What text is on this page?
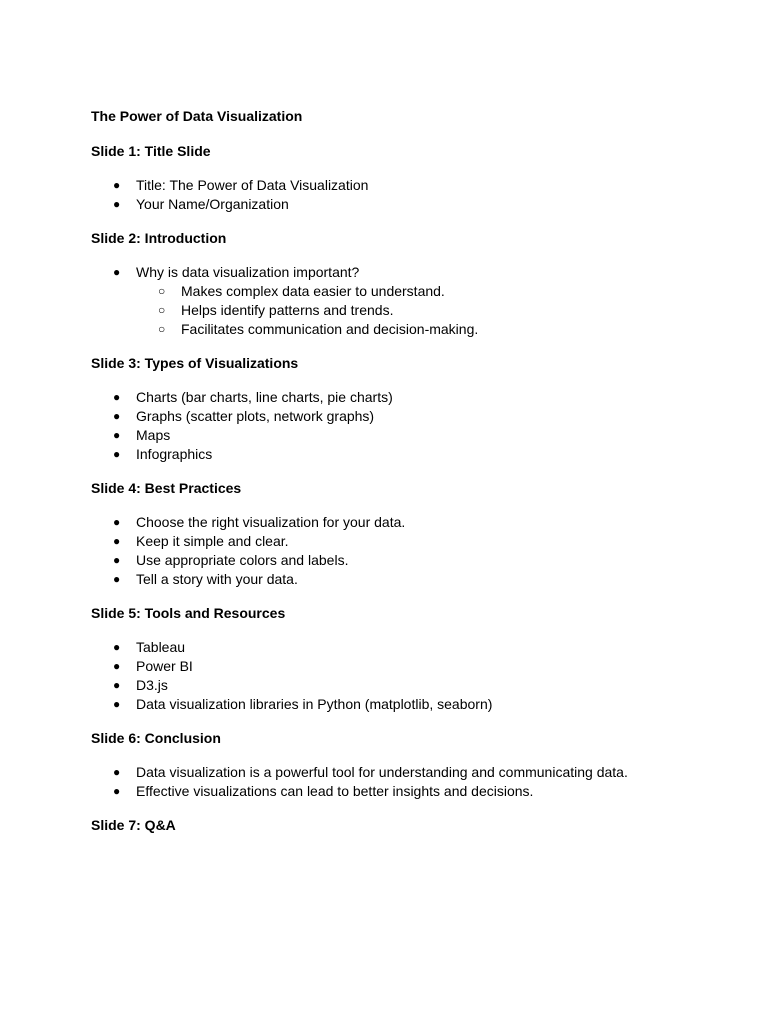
The Power of Data Visualization

Slide 1: Title Slide

● Title: The Power of Data Visualization
● Your Name/Organization

Slide 2: Introduction

● Why is data visualization important?
○ Makes complex data easier to understand.
○ Helps identify patterns and trends.
○ Facilitates communication and decision-making.

Slide 3: Types of Visualizations

● Charts (bar charts, line charts, pie charts)
● Graphs (scatter plots, network graphs)
● Maps
● Infographics

Slide 4: Best Practices

● Choose the right visualization for your data.
● Keep it simple and clear.
● Use appropriate colors and labels.
● Tell a story with your data.

Slide 5: Tools and Resources

● Tableau
● Power BI
● D3.js
● Data visualization libraries in Python (matplotlib, seaborn)

Slide 6: Conclusion

● Data visualization is a powerful tool for understanding and communicating data.
● Effective visualizations can lead to better insights and decisions.

Slide 7: Q&A
